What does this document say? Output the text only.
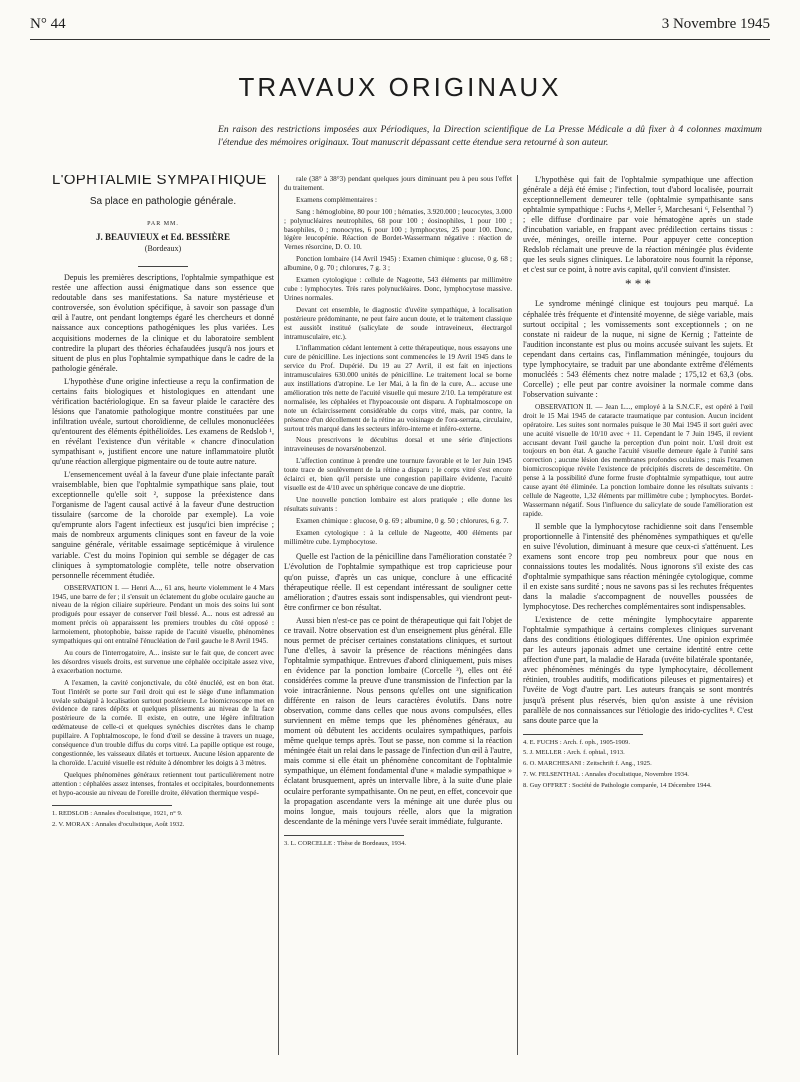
N° 44	3 Novembre 1945
TRAVAUX ORIGINAUX
En raison des restrictions imposées aux Périodiques, la Direction scientifique de La Presse Médicale a dû fixer à 4 colonnes maximum l'étendue des mémoires originaux. Tout manuscrit dépassant cette étendue sera retourné à son auteur.
L'OPHTALMIE SYMPATHIQUE
Sa place en pathologie générale.
PAR MM.
J. BEAUVIEUX et Ed. BESSIÈRE
(Bordeaux)

Depuis les premières descriptions, l'ophtalmie sympathique est restée une affection aussi énigmatique dans son essence que redoutable dans ses manifestations. Sa nature mystérieuse et controversée, son évolution spécifique, à savoir son passage d'un œil à l'autre, ont pendant longtemps égaré les chercheurs et donné naissance aux conceptions pathogéniques les plus variées. Les acquisitions modernes de la clinique et du laboratoire semblent contredire la plupart des théories échafaudées jusqu'à nos jours et situent de plus en plus l'ophtalmie sympathique dans le cadre de la pathologie générale.

L'hypothèse d'une origine infectieuse a reçu la confirmation de certains faits biologiques et histologiques en attendant une vérification bactériologique. En sa faveur plaide le caractère des lésions que l'anatomie pathologique montre constituées par une infiltration uvéale, surtout choroïdienne, de cellules mononucléées qu'entourent des éléments épithélioïdes. Les examens de Redslob ¹, en révélant l'existence d'un véritable « chancre d'inoculation sympathisant », justifient encore une nature inflammatoire plutôt qu'une réaction allergique pigmentaire ou de toute autre nature.

L'ensemencement uvéal à la faveur d'une plaie infectante paraît vraisemblable, bien que l'ophtalmie sympathique sans plaie, tout exceptionnelle qu'elle soit ², suppose la préexistence dans l'organisme de l'agent causal activé à la faveur d'une destruction tissulaire (sarcome de la choroïde par exemple). La voie qu'emprunte alors l'agent infectieux est jusqu'ici bien imprécise ; mais de nombreux arguments cliniques sont en faveur de la voie sanguine générale, véritable essaimage septicémique à virulence variable. C'est du moins l'opinion qui semble se dégager de cas cliniques à symptomatologie complète, telle notre observation personnelle récemment étudiée.

OBSERVATION I. — Henri A..., 61 ans, heurte violemment le 4 Mars 1945, une barre de fer ; il s'ensuit un éclatement du globe oculaire gauche au niveau de la région ciliaire supérieure. Pendant un mois des soins lui sont prodigués pour essayer de conserver l'œil blessé. A... nous est adressé au moment précis où apparaissent les premiers troubles du côté opposé : larmoiement, photophobie, baisse rapide de l'acuité visuelle, phénomènes sympathiques qui ont entraîné l'énucléation de l'œil gauche le 8 Avril 1945.

Au cours de l'interrogatoire, A... insiste sur le fait que, de concert avec les désordres visuels droits, est survenue une céphalée occipitale assez vive, à exacerbation nocturne.

A l'examen, la cavité conjonctivale, du côté énucléé, est en bon état. Tout l'intérêt se porte sur l'œil droit qui est le siège d'une inflammation uvéale subaiguë à localisation surtout postérieure. Le biomicroscope met en évidence de rares dépôts et quelques plissements au niveau de la face postérieure de la cornée. Il existe, en outre, une légère infiltration œdémateuse de celle-ci et quelques synéchies discrètes dans le champ pupillaire. A l'ophtalmoscope, le fond d'œil se dessine à travers un nuage, conséquence d'un trouble diffus du corps vitré. La papille optique est rouge, congestionnée, les vaisseaux dilatés et tortueux. Aucune lésion apparente de la choroïde. L'acuité visuelle est réduite à dénombrer les doigts à 3 mètres.

Quelques phénomènes généraux retiennent tout particulièrement notre attention : céphalées assez intenses, frontales et occipitales, bourdonnements et hypo-acousie au niveau de l'oreille droite, élévation thermique vespé-

1. REDSLOB : Annales d'oculistique, 1921, n° 9.

2. V. MORAX : Annales d'oculistique, Août 1932.

rale (38° à 38°3) pendant quelques jours diminuant peu à peu sous l'effet du traitement.

Examens complémentaires :

Sang : hémoglobine, 80 pour 100 ; hématies, 3.920.000 ; leucocytes, 3.000 ; polynucléaires neutrophiles, 68 pour 100 ; éosinophiles, 1 pour 100 ; basophiles, 0 ; monocytes, 6 pour 100 ; lymphocytes, 25 pour 100. Donc, légère leucopénie. Réaction de Bordet-Wassermann négative : réaction de Vernes résorcine, D. O. 10.

Ponction lombaire (14 Avril 1945) : Examen chimique : glucose, 0 g. 68 ; albumine, 0 g. 70 ; chlorures, 7 g. 3 ;

Examen cytologique : cellule de Nageotte, 543 éléments par millimètre cube : lymphocytes. Très rares polynucléaires. Donc, lymphocytose massive. Urines normales.

Devant cet ensemble, le diagnostic d'uvéite sympathique, à localisation postérieure prédominante, ne peut faire aucun doute, et le traitement classique est aussitôt institué (salicylate de soude intraveineux, électrargol intramusculaire, etc.).

L'inflammation cédant lentement à cette thérapeutique, nous essayons une cure de pénicilline. Les injections sont commencées le 19 Avril 1945 dans le service du Prof. Dupérié. Du 19 au 27 Avril, il est fait en injections intramusculaires 630.000 unités de pénicilline. Le traitement local se borne aux instillations d'atropine. Le 1er Mai, à la fin de la cure, A... accuse une amélioration très nette de l'acuité visuelle qui mesure 2/10. La température est normalisée, les céphalées et l'hypoacousie ont disparu. A l'ophtalmoscope on note un éclaircissement considérable du corps vitré, mais, par contre, la présence d'un décollement de la rétine au voisinage de l'ora-serrata, circulaire, surtout très marqué dans les secteurs inféro-interne et inféro-externe.

Nous prescrivons le décubitus dorsal et une série d'injections intraveineuses de novarsénobenzol.

L'affection continue à prendre une tournure favorable et le 1er Juin 1945 toute trace de soulèvement de la rétine a disparu ; le corps vitré s'est encore éclairci et, bien qu'il persiste une congestion papillaire évidente, l'acuité visuelle est de 4/10 avec un sphérique concave de une dioptrie.

Une nouvelle ponction lombaire est alors pratiquée ; elle donne les résultats suivants :

Examen chimique : glucose, 0 g. 69 ; albumine, 0 g. 50 ; chlorures, 6 g. 7.

Examen cytologique : à la cellule de Nageotte, 400 éléments par millimètre cube. Lymphocytose.

Quelle est l'action de la pénicilline dans l'amélioration constatée ? L'évolution de l'ophtalmie sympathique est trop capricieuse pour qu'on puisse, d'après un cas unique, conclure à une efficacité thérapeutique réelle. Il est cependant intéressant de souligner cette amélioration ; d'autres essais sont indispensables, qui viendront peut-être confirmer ce bon résultat.

Aussi bien n'est-ce pas ce point de thérapeutique qui fait l'objet de ce travail. Notre observation est d'un enseignement plus général. Elle nous permet de préciser certaines constatations cliniques, et surtout l'une d'elles, à savoir la présence de réactions méningées dans l'ophtalmie sympathique. Entrevues d'abord cliniquement, puis mises en évidence par la ponction lombaire (Corcelle ³), elles ont été considérées comme la preuve d'une transmission de l'infection par la voie intracrânienne. Nous pensons qu'elles ont une signification différente en raison de leurs caractères évolutifs. Dans notre observation, comme dans celles que nous avons compulsées, elles surviennent en même temps que les phénomènes généraux, au moment où débutent les accidents oculaires sympathiques, parfois même quelque temps après. Tout se passe, non comme si la réaction méningée était un relai dans le passage de l'infection d'un œil à l'autre, mais comme si elle était un phénomène concomitant de l'ophtalmie sympathique, un élément fondamental d'une « maladie sympathique » éclatant brusquement, après un intervalle libre, à la suite d'une plaie oculaire perforante sympathisante. On ne peut, en effet, concevoir que la propagation ascendante vers la méninge ait une durée plus ou moins longue, mais toujours réelle, alors que la migration descendante de la méninge vers l'uvée serait immédiate, fulgurante.

3. L. CORCELLE : Thèse de Bordeaux, 1934.

L'hypothèse qui fait de l'ophtalmie sympathique une affection générale a déjà été émise ; l'infection, tout d'abord localisée, pourrait exceptionnellement demeurer telle (ophtalmie sympathisante sans ophtalmie sympathique : Fuchs ⁴, Meller ⁵, Marchesani ⁶, Felsenthal ⁷) ; elle diffuse d'ordinaire par voie hématogène après un stade d'incubation variable, en frappant avec prédilection certains tissus : uvée, méninges, oreille interne. Pour appuyer cette conception Redslob réclamait une preuve de la réaction méningée plus évidente que les seuls signes cliniques. Le laboratoire nous fournit la réponse, et c'est sur ce point, à notre avis capital, qu'il convient d'insister.

* * *

Le syndrome méningé clinique est toujours peu marqué. La céphalée très fréquente et d'intensité moyenne, de siège variable, mais surtout occipital ; les vomissements sont exceptionnels ; on ne constate ni raideur de la nuque, ni signe de Kernig ; l'atteinte de l'audition inconstante est plus ou moins accusée suivant les sujets. Et cependant dans certains cas, l'inflammation méningée, toujours du type lymphocytaire, se traduit par une abondante extrême d'éléments monucléés : 543 éléments chez notre malade ; 175,12 et 63,3 (obs. Corcelle) ; elle peut par contre avoisiner la normale comme dans l'observation suivante :

OBSERVATION II. — Jean L..., employé à la S.N.C.F., est opéré à l'œil droit le 15 Mai 1945 de cataracte traumatique par contusion. Aucun incident opératoire. Les suites sont normales puisque le 30 Mai 1945 il sort guéri avec une acuité visuelle de 10/10 avec + 11. Cependant le 7 Juin 1945, il revient accusant devant l'œil gauche la perception d'un point noir. L'œil droit est toujours en bon état. A gauche l'acuité visuelle demeure égale à l'unité sans correction ; aucune lésion des membranes profondes oculaires ; mais l'examen biomicroscopique révèle l'existence de précipités discrets de descemétite. On pense à la possibilité d'une forme fruste d'ophtalmie sympathique, tout autre cause ayant été éliminée. La ponction lombaire donne les résultats suivants : cellule de Nageotte, 1,32 éléments par millimètre cube ; lymphocytes. Bordet-Wassermann négatif. Sous l'influence du salicylate de soude l'amélioration est rapide.

Il semble que la lymphocytose rachidienne soit dans l'ensemble proportionnelle à l'intensité des phénomènes sympathiques et qu'elle en suive l'évolution, diminuant à mesure que ceux-ci s'atténuent. Les examens sont encore trop peu nombreux pour que nous en connaissions toutes les modalités. Nous ignorons s'il existe des cas d'ophtalmie sympathique sans réaction méningée cytologique, comme il en existe sans surdité ; nous ne savons pas si les rechutes fréquentes dans la maladie s'accompagnent de nouvelles poussées de lymphocytose. Des recherches complémentaires sont indispensables.

L'existence de cette méningite lymphocytaire apparente l'ophtalmie sympathique à certains complexes cliniques survenant dans des conditions étiologiques différentes. Une opinion exprimée par les auteurs japonais admet une certaine identité entre cette affection d'une part, la maladie de Harada (uvéite bilatérale spontanée, avec phénomènes méningés du type lymphocytaire, décollement rétinien, troubles auditifs, modifications pileuses et pigmentaires) et l'uvéite de Vogt d'autre part. Les auteurs français se sont montrés jusqu'à présent plus réservés, bien qu'on assiste à une révision parallèle de nos connaissances sur l'étiologie des irido-cyclites ⁸. C'est sans doute parce que la

4. E. FUCHS : Arch. f. oph., 1905-1909.

5. J. MELLER : Arch. f. ophtal., 1913.

6. O. MARCHESANI : Zeitschrift f. Ang., 1925.

7. W. FELSENTHAL : Annales d'oculistique, Novembre 1934.

8. Guy OFFRET : Société de Pathologie comparée, 14 Décembre 1944.
